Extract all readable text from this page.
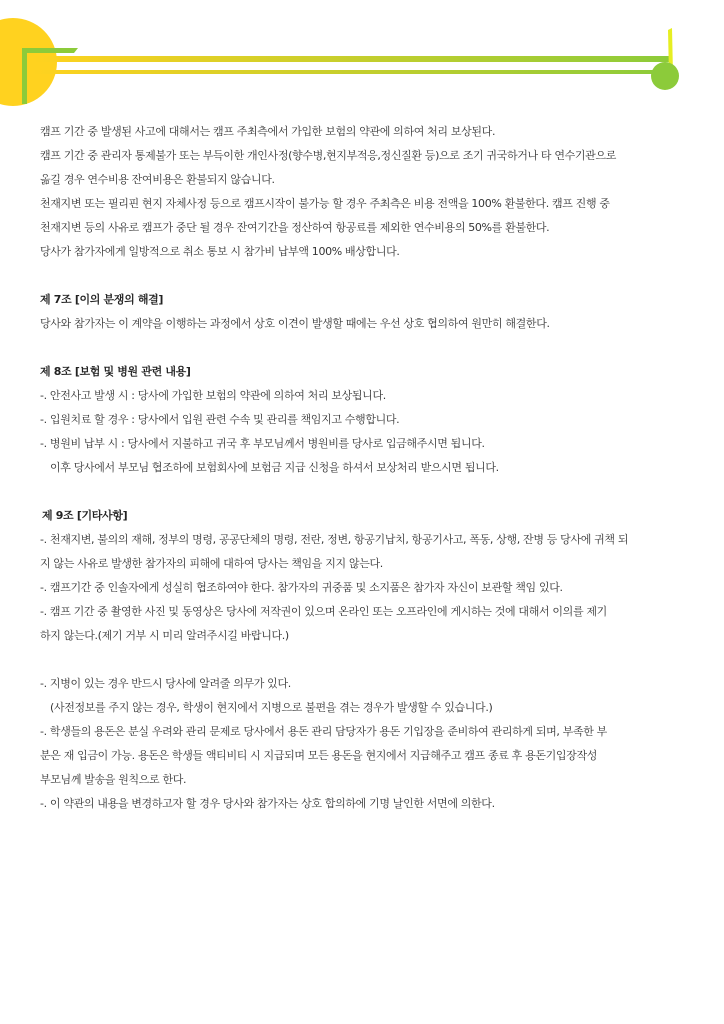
캠프 기간 중 발생된 사고에 대해서는 캠프 주최측에서 가입한 보험의 약관에 의하여 처리 보상된다.

캠프 기간 중 관리자 통제불가 또는 부득이한 개인사정(향수병,현지부적응,정신질환 등)으로 조기 귀국하거나 타 연수기관으로

옮길 경우 연수비용 잔여비용은 환불되지 않습니다.

천재지변 또는 필리핀 현지 자체사정 등으로 캠프시작이 불가능 할 경우 주최측은 비용 전액을 100% 환불한다. 캠프 진행 중

천재지변 등의 사유로 캠프가 중단 될 경우 잔여기간을 정산하여 항공료를 제외한 연수비용의 50%를 환불한다.

당사가 참가자에게 일방적으로 취소 통보 시 참가비 납부액 100% 배상합니다.

제 7조 [이의 분쟁의 해결]

당사와 참가자는 이 계약을 이행하는 과정에서 상호 이견이 발생할 때에는 우선 상호 협의하여 원만히 해결한다.

제 8조 [보험 및 병원 관련 내용]

-. 안전사고 발생 시 : 당사에 가입한 보험의 약관에 의하여 처리 보상됩니다.

-. 입원치료 할 경우 : 당사에서 입원 관련 수속 및 관리를 책임지고 수행합니다.

-. 병원비 납부 시 : 당사에서 지불하고 귀국 후 부모님께서 병원비를 당사로 입금해주시면 됩니다.

이후 당사에서 부모님 협조하에 보험회사에 보험금 지급 신청을 하셔서 보상처리 받으시면 됩니다.

제 9조 [기타사항]

-. 천재지변, 불의의 재해, 정부의 명령, 공공단체의 명령, 전란, 정변, 항공기납치, 항공기사고, 폭동, 상행, 잔병 등 당사에 귀책 되

지 않는 사유로 발생한 참가자의 피해에 대하여 당사는 책임을 지지 않는다.

-. 캠프기간 중 인솔자에게 성실히 협조하여야 한다. 참가자의 귀중품 및 소지품은 참가자 자신이 보관할 책임 있다.

-. 캠프 기간 중 촬영한 사진 및 동영상은 당사에 저작권이 있으며 온라인 또는 오프라인에 게시하는 것에 대해서 이의를 제기

하지 않는다.(제기 거부 시 미리 알려주시길 바랍니다.)

-. 지병이 있는 경우 반드시 당사에 알려줄 의무가 있다.

(사전정보를 주지 않는 경우, 학생이 현지에서 지병으로 불편을 겪는 경우가 발생할 수 있습니다.)

-. 학생들의 용돈은 분실 우려와 관리 문제로 당사에서 용돈 관리 담당자가 용돈 기입장을 준비하여 관리하게 되며, 부족한 부

분은 재 입금이 가능. 용돈은 학생들 액티비티 시 지급되며 모든 용돈을 현지에서 지급해주고 캠프 종료 후 용돈기입장작성

부모님께 발송을 원칙으로 한다.

-. 이 약관의 내용을 변경하고자 할 경우 당사와 참가자는 상호 합의하에 기명 날인한 서면에 의한다.
